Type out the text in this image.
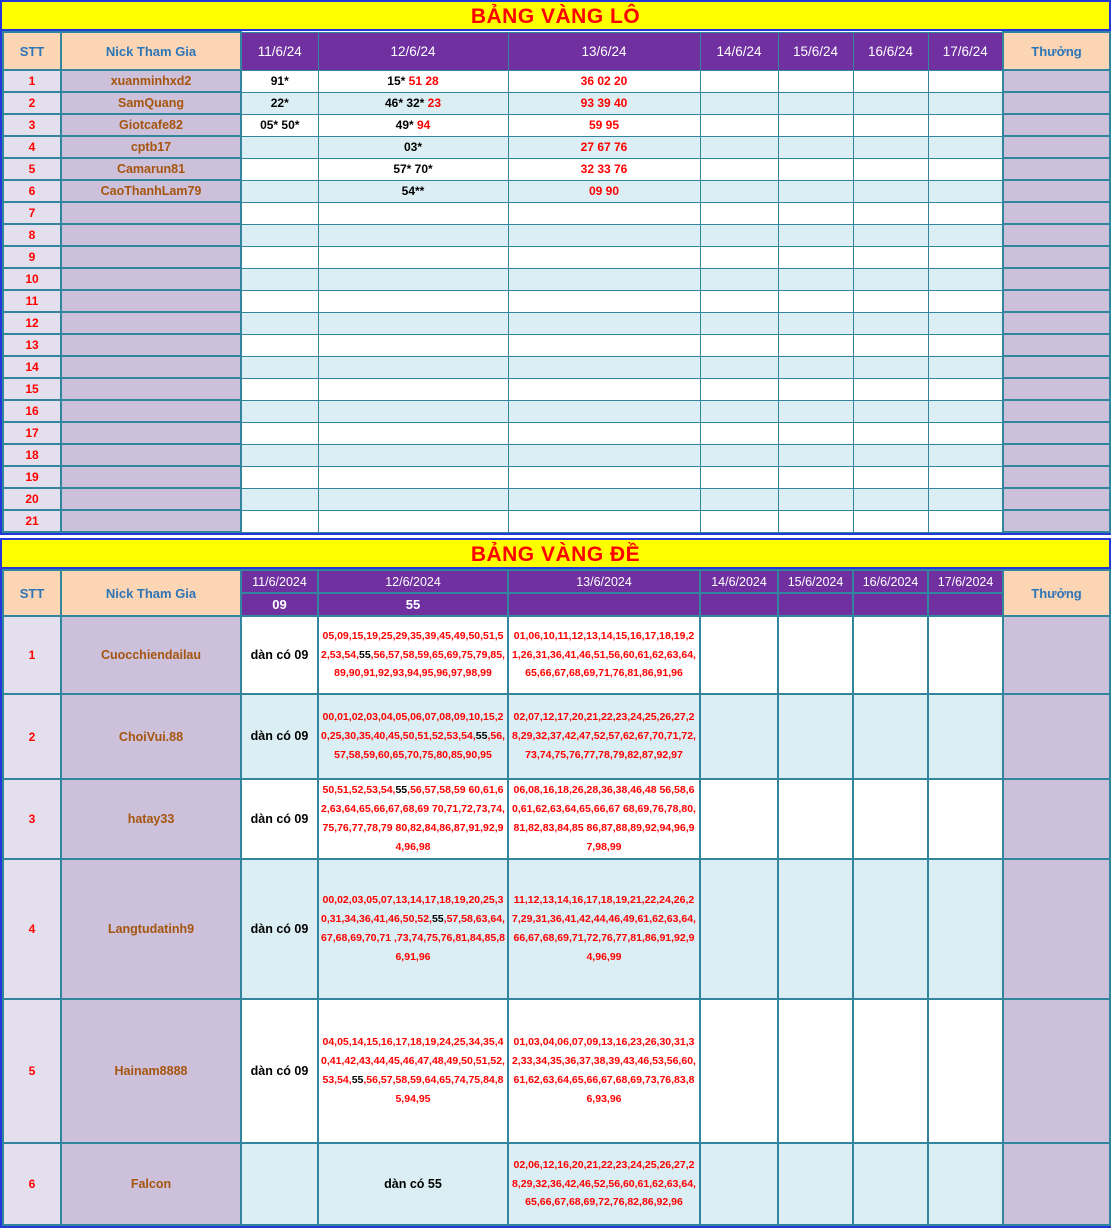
BẢNG VÀNG LÔ
STT	Nick Tham Gia	11/6/24	12/6/24	13/6/24	14/6/24	15/6/24	16/6/24	17/6/24	Thưởng
1	xuanminhxd2	91*	15* 51 28	36 02 20					
2	SamQuang	22*	46* 32* 23	93 39 40					
3	Giotcafe82	05* 50*	49* 94	59 95					
4	cptb17		03*	27 67 76					
5	Camarun81		57* 70*	32 33 76					
6	CaoThanhLam79		54**	09 90					
7									
8									
9									
10									
11									
12									
13									
14									
15									
16									
17									
18									
19									
20									
21									
BẢNG VÀNG ĐỀ
STT	Nick Tham Gia	11/6/2024	12/6/2024	13/6/2024	14/6/2024	15/6/2024	16/6/2024	17/6/2024	Thưởng
		09	55						
1	Cuocchiendailau	dàn có 09	05,09,15,19,25,29,35,39,45,49,50,51,52,53,54,55,56,57,58,59,65,69,75,79,85,89,90,91,92,93,94,95,96,97,98,99	01,06,10,11,12,13,14,15,16,17,18,19,21,26,31,36,41,46,51,56,60,61,62,63,64,65,66,67,68,69,71,76,81,86,91,96					
2	ChoiVui.88	dàn có 09	00,01,02,03,04,05,06,07,08,09,10,15,20,25,30,35,40,45,50,51,52,53,54,55,56,57,58,59,60,65,70,75,80,85,90,95	02,07,12,17,20,21,22,23,24,25,26,27,28,29,32,37,42,47,52,57,62,67,70,71,72,73,74,75,76,77,78,79,82,87,92,97					
3	hatay33	dàn có 09	50,51,52,53,54,55,56,57,58,59 60,61,62,63,64,65,66,67,68,69 70,71,72,73,74,75,76,77,78,79 80,82,84,86,87,91,92,94,96,98	06,08,16,18,26,28,36,38,46,48 56,58,60,61,62,63,64,65,66,67 68,69,76,78,80,81,82,83,84,85 86,87,88,89,92,94,96,97,98,99					
4	Langtudatinh9	dàn có 09	00,02,03,05,07,13,14,17,18,19,20,25,30,31,34,36,41,46,50,52,55,57,58,63,64,67,68,69,70,71 ,73,74,75,76,81,84,85,86,91,96	11,12,13,14,16,17,18,19,21,22,24,26,27,29,31,36,41,42,44,46,49,61,62,63,64,66,67,68,69,71,72,76,77,81,86,91,92,94,96,99					
5	Hainam8888	dàn có 09	04,05,14,15,16,17,18,19,24,25,34,35,40,41,42,43,44,45,46,47,48,49,50,51,52,53,54,55,56,57,58,59,64,65,74,75,84,85,94,95	01,03,04,06,07,09,13,16,23,26,30,31,32,33,34,35,36,37,38,39,43,46,53,56,60,61,62,63,64,65,66,67,68,69,73,76,83,86,93,96					
6	Falcon		dàn có 55	02,06,12,16,20,21,22,23,24,25,26,27,28,29,32,36,42,46,52,56,60,61,62,63,64,65,66,67,68,69,72,76,82,86,92,96					
